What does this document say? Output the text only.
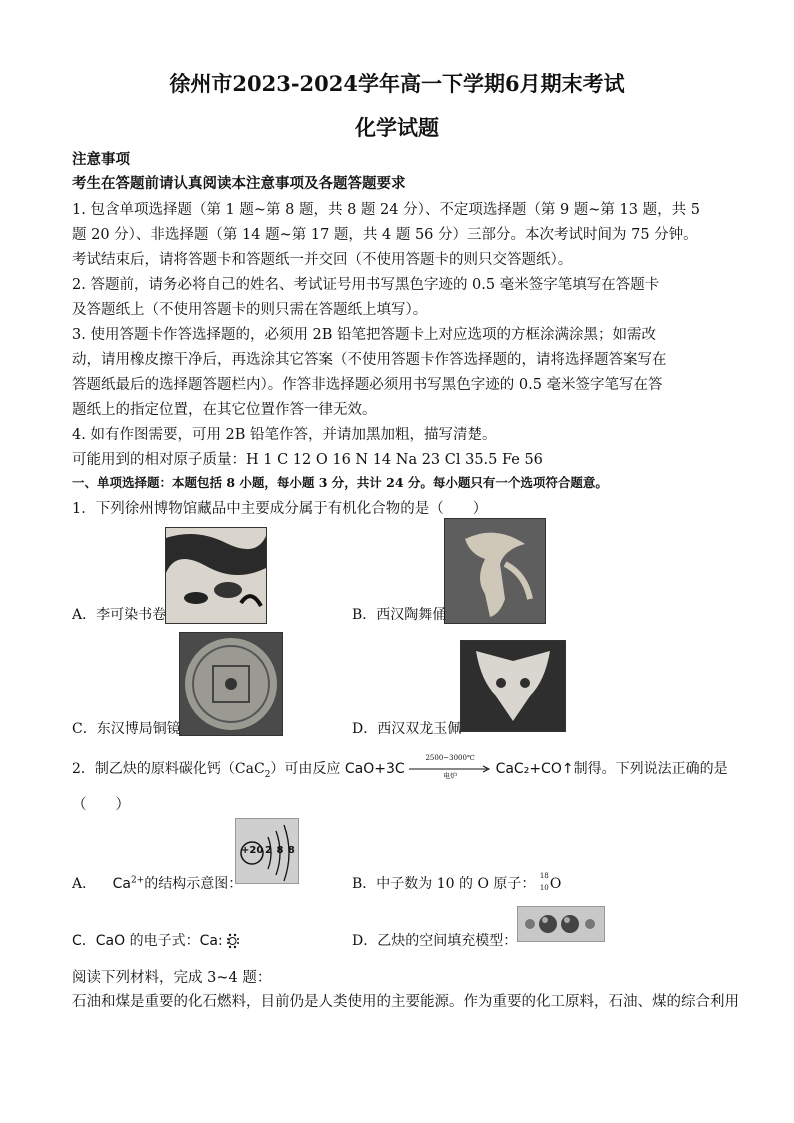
徐州市2023-2024学年高一下学期6月期末考试
化学试题
注意事项
考生在答题前请认真阅读本注意事项及各题答题要求
1. 包含单项选择题（第 1 题~第 8 题，共 8 题 24 分）、不定项选择题（第 9 题~第 13 题，共 5
题 20 分）、非选择题（第 14 题~第 17 题，共 4 题 56 分）三部分。本次考试时间为 75 分钟。
考试结束后，请将答题卡和答题纸一并交回（不使用答题卡的则只交答题纸）。
2. 答题前，请务必将自己的姓名、考试证号用书写黑色字迹的 0.5 毫米签字笔填写在答题卡
及答题纸上（不使用答题卡的则只需在答题纸上填写）。
3. 使用答题卡作答选择题的，必须用 2B 铅笔把答题卡上对应选项的方框涂满涂黑；如需改
动，请用橡皮擦干净后，再选涂其它答案（不使用答题卡作答选择题的，请将选择题答案写在
答题纸最后的选择题答题栏内）。作答非选择题必须用书写黑色字迹的 0.5 毫米签字笔写在答
题纸上的指定位置，在其它位置作答一律无效。
4. 如有作图需要，可用 2B 铅笔作答，并请加黑加粗，描写清楚。
可能用到的相对原子质量：H 1 C 12 O 16 N 14 Na 23 Cl 35.5 Fe 56
一、单项选择题：本题包括 8 小题，每小题 3 分，共计 24 分。每小题只有一个选项符合题意。
1．下列徐州博物馆藏品中主要成分属于有机化合物的是（　　）
A．李可染书卷	B．西汉陶舞俑
C．东汉博局铜镜	D．西汉双龙玉佩
2．制乙炔的原料碳化钙（CaC$_2$）可由反应 CaO+3C
2500~3000℃
电炉	CaC₂+CO↑制得。下列说法正确的是
（　　）
+20 2 8 8
A． $Ca^{2+}$的结构示意图：	B．中子数为 10 的 O 原子： 18
10 O
C．CaO 的电子式：Ca:	D．乙炔的空间填充模型：
阅读下列材料，完成 3~4 题：
石油和煤是重要的化石燃料，目前仍是人类使用的主要能源。作为重要的化工原料，石油、煤的综合利用
